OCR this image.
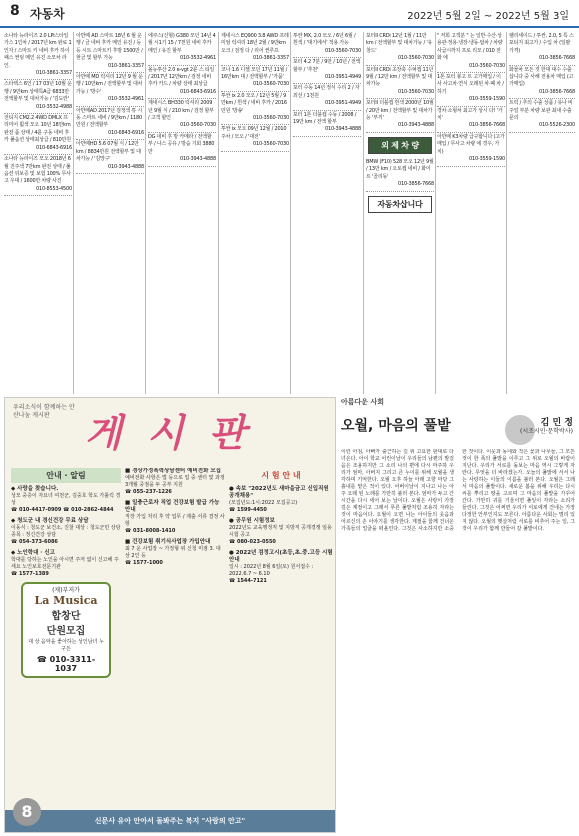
8 자동차	2022년 5월 2일 ~ 2022년 5월 3일

소나타 뉴라이즈 2.0 LPi스타일 가스 1인차 / 2017년 km 완료 1인자 / 스마트 키 네비 후카 하이패스 썬팅 메인 유진 소모차 라인.

010-3861-3357

스타렉스 6인 / 17 03년 10월 운행 / 9만km 상태특A급 6833만 전액할부 및 대차가능 / '김도란'

010-3532-4988

전티지 CM2.2 4WD DMLX 프리미어 휠색 모오 10년 18만km 완전 품 상태 / 4륜 구동 네비 후카 풀옵션 상태최상급 / 810만원

010-6843-6916

소나타 뉴라이즈 모오 2018년 6월 진주색 7만km 완전 상태 / 풀옵션 뒤보증 및 보험 100% 무사고 우대 / 1600만 차량 사진

010-8553-4500

아반떼 AD 스마트 18년 6 월 운행 / 금 네비 후카 메인 유진 / 등등 시트 스마트키 후방 1500만 / 현금 및 할부 가능

010-3861-3357

아반떼 MD 럭셔리 12년 9 월 운행 / 10만km / 전액할부 및 대차가능 / '방수'

010-3532-4961

아반떼AD 2017년 검정색 튜 시동 스마트 네비 / 9만km / 1180만원 / 전액할부

010-6843-6916

아반떼HD 5.6 07월 식 / 12만km / 8834만원 전액할부 및 대차가능 / '김망구'

010-3943-4888

에쿠스(신형) G380 모던 14년 4월 시1기 15 / 7천원 네비 후카 메인 / 유진 할부

010-3532-4961

올뉴투산 2.0 e-vgt 2륜 스 티일 / 2017년 12만km / 검정 네비 후카 카드 / 차량 상태 최상급

010-6843-6916

제네시스 BH330 럭셔리 2009년 9월 식 / 210 km / 검정 할부 / 고객 할인

010-3560-7030

DG 네비 후 방 카메라 / 전액할부 / 나스 공유 / 방습 기회 3880만

010-3943-4888

제네시스 EQ900 3.8 AWD 프레미엄 럭셔리 18년 2월 / 9만km 오크 / 검정 다 / 리어 썬루프

010-3861-3357

코나 1.6 디젤 모던 17년 11월 / 16만km 대 / 전액할부 / '가뭄'

010-3560-7030

투싼 ix 2.0 모오 / 12년 5월 / 9만km / 흰색 / 네비 후카 / 2016만원 '방송'

010-3560-7030

투싼 ix 모오 09년 12월 / 2010 주차 / 모오 / '대전'

010-3560-7030

투싼 MX, 2.0 모오 / 6년 6월 / 흰색 / '대기에서' 적용 가능

010-3560-7030

포터 4.2 7분 / 9만 / 10년 / 전액할부 / '추천'

010-3951-4949

포터 수동 14년 정식 수리 2 / 자외선 / 1천원

010-3951-4949

포터 1톤 더블캡 수동 / 2008 / 19만 km / 전액 할부

010-3943-4888

포터II CRDi 12년 1월 / 11만 km / 전액할부 및 대차가능 / '유창드'

010-3560-7030

포터II CRDi 초장축 수퍼캡 11년 9월 / 12만 km / 전액할부 및 대차가능

010-3560-7030

포터II 더블캡 흰색 2000년 10월 / 20만 km / 전액할부 및 대차가능 '부끼'

010-3943-4888
외 제 차 량

BMW (F10) 528 모오 12년 9월 / 13만 km / 오토캡 네비 / 화이트 '골리동'

010-3856-7668
자동차삽니다

" 저희 고객분 " 는 일반·수산·상용관·정용·냉장·냉동·탑차 / 차량 사급시까지 프로 리모 / 010 전화 에

010-3560-7030

1톤 포터 봉고 트 고가매입 / 이사 사고차·연식 오래된 차·폐 차 / 하기

010-3559-1590

경차·소형차 최고가 상시 다! '가치'

010-3856-7668

아반떼 K3차량 급구합니다 (고가매입 / 무사고 차량 에 경우, 가치)

010-3559-1590

팰리세이드 / 투싼, 2.0, 5 특 스포티지 최고가 / 수입 차 (일괄 가격)

010-3856-7668

화물차 모든 것 한대 대수 수출 삽니다 중 사해 전용차 매입 (고가매입)

010-3856-7668

트럭 / 추의 수출 상품 / 유나 비주얼 부분 차량 보관 최대 수출 문의

010-5526-2300
우리소식이 함께하는 안산나눔 게시판 게 시 판
안내 · 알림
◆ 사랑을 찾습니다.
성모 중증이 자요녀 여천군, 김중호 학도 가톨릭 경성
☎ 010-4417-0909 ☎ 010-2862-4844
◆ 청도군 내 경신건강 무료 상담
이동식 : 청도군 보건소, 진찰 대상 : 청도군민 상담 종목 : 정신건강 상담
☎ 054-373-6086
◆ 노인학대 · 신고
학대를 당하는 노인을 아시면 주저 없이 신고해 주세요 노인보호전문기관
☎ 1577-1389
(재)부저가
La Musica
합창단
단원모집
대 상 음악을 좋아하는 성인남녀 누구든
☎ 010-3311-1037
■ 경상가정폭력상담센터 예비전화 모집
예비전화 사항은 법 등으로 업 중 센터 및 과정 3개월 중점을 두 공부 지원
☎ 055-237-1226
■ 일충근로자 직업 건강보험 발급 가능 안내
직장 가입 처리 후 약 업무 / 제출 서류 결정 사항
☎ 031-8008-1410
■ 건강보험 취기식사업장 가입안내
최 7 운 사업장 ~ 가정형 위 신청 미점 3. 대상 2인 등
☎ 1577-1000
시 험 안 내
● 속보 "2022년도 새마을금고 신입직원 공개채용"
(모집년도:1시:2022 모집공고)
☎ 1599-4450
● 공무원 시험정보
2022년도 교육행정직 및 지방직 공개경쟁 임용시험 공고
☎ 080-023-0550
● 2022년 검정고시(초등,초.중.고등 시험안내
일시 : 2022년 8월 6일(토) 원서접수 : 2022.6.7 ~ 6.10
☎ 1544-7121
신문사 유아 안아서 돌봐주는 복지 "사랑의 안고"
8
아름다운 사회
오월, 마음의 풀밭	김 민 정
(시조시인·문학박사)
이런 아침, 아빠가 출근하는 길 위 고요한 판대로 다녀온다. 아이 학교 어린이날이 우리들의 남편의 발걸음은 조용하지만 그 소리 나의 편에 다시 마주하 우리가 엄마, 아버지 그리고 큰 누이를 위해 오월을 생각하며 기억한다. 오월 오후 하늘 아래 고향 마당 그 흙내를 맡은 적이 있다. 어버이날이 지나고 나는 아주 오래 된 노래를 가만히 불러 본다. 엄마가 두고 간 시간을 다시 세어 보는 날이다. 오월은 사랑이 가장 깊은 계절이고 그래서 푸른 풀밭처럼 조용히 자라는 것이 마음이다. 오월이 오면 나는 아이들의 웃음과 어르신의 손 이야기를 생각한다. 계절을 함께 건너온 가족들의 얼굴을 떠올린다. 그것은 사소하지만 소중한 것이다. 이웃과 동네와 작은 꽃과 나무들, 그 모든 것이 한 폭의 풀밭을 이루고 그 위로 오월의 바람이 지난다. 우리가 서로를 돌보는 마음 역시 그렇게 자란다. 무엇을 더 바라겠는가. 오늘의 풀밭에 서서 나는 사랑하는 이들의 이름을 불러 본다. 오월은 그래서 마음의 풀밭이다. 새로운 봄을 위해 우리는 다시 씨를 뿌리고 땅을 고르며 그 마음의 풀밭을 가꾸어 간다. 가만히 귀를 기울이면 풀잎이 자라는 소리가 들린다. 그것은 어쩌면 우리가 서로에게 건네는 가장 다정한 안부인지도 모른다. 아름다운 사회는 멀리 있지 않다. 오월의 햇살처럼 서로를 비추어 주는 일, 그것이 우리가 함께 만들어 갈 풀밭이다.
